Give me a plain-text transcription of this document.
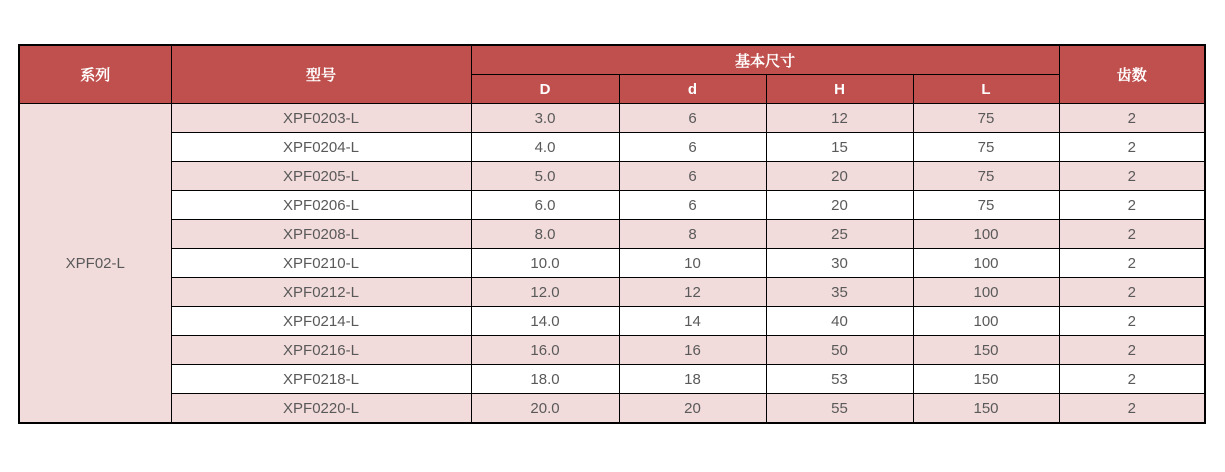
系列	型号	基本尺寸				齿数
		D	d	H	L	
XPF02-L	XPF0203-L	3.0	6	12	75	2
	XPF0204-L	4.0	6	15	75	2
	XPF0205-L	5.0	6	20	75	2
	XPF0206-L	6.0	6	20	75	2
	XPF0208-L	8.0	8	25	100	2
	XPF0210-L	10.0	10	30	100	2
	XPF0212-L	12.0	12	35	100	2
	XPF0214-L	14.0	14	40	100	2
	XPF0216-L	16.0	16	50	150	2
	XPF0218-L	18.0	18	53	150	2
	XPF0220-L	20.0	20	55	150	2
